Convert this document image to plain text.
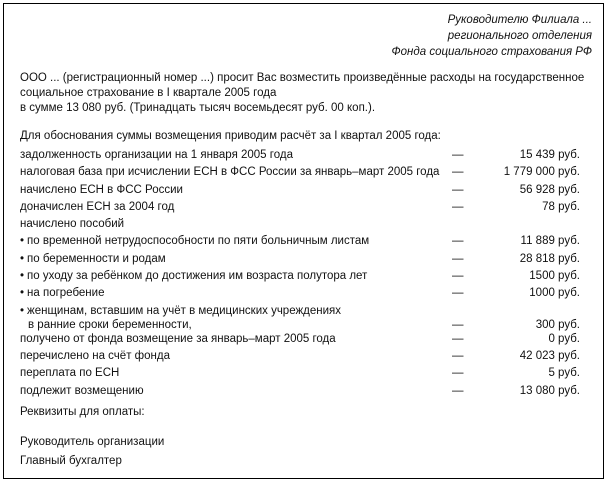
Руководителю Филиала ...
регионального отделения
Фонда социального страхования РФ
ООО ... (регистрационный номер ...) просит Вас возместить произведённые расходы на государственное
социальное страхование в I квартале 2005 года
в сумме 13 080 руб. (Тринадцать тысяч восемьдесят руб. 00 коп.).
Для обоснования суммы возмещения приводим расчёт за I квартал 2005 года:
задолженность организации на 1 января 2005 года	—	15 439 руб.
налоговая база при исчислении ЕСН в ФСС России за январь–март 2005 года —	1 779 000 руб.
начислено ЕСН в ФСС России	—	56 928 руб.
доначислен ЕСН за 2004 год	—	78 руб.
начислено пособий
• по временной нетрудоспособности по пяти больничным листам	—	11 889 руб.
• по беременности и родам	—	28 818 руб.
• по уходу за ребёнком до достижения им возраста полутора лет	—	1500 руб.
• на погребение	—	1000 руб.
• женщинам, вставшим на учёт в медицинских учреждениях
в ранние сроки беременности,	—	300 руб.
получено от фонда возмещение за январь–март 2005 года	—	0 руб.
перечислено на счёт фонда	—	42 023 руб.
переплата по ЕСН	—	5 руб.
подлежит возмещению	—	13 080 руб.
Реквизиты для оплаты:
Руководитель организации
Главный бухгалтер
